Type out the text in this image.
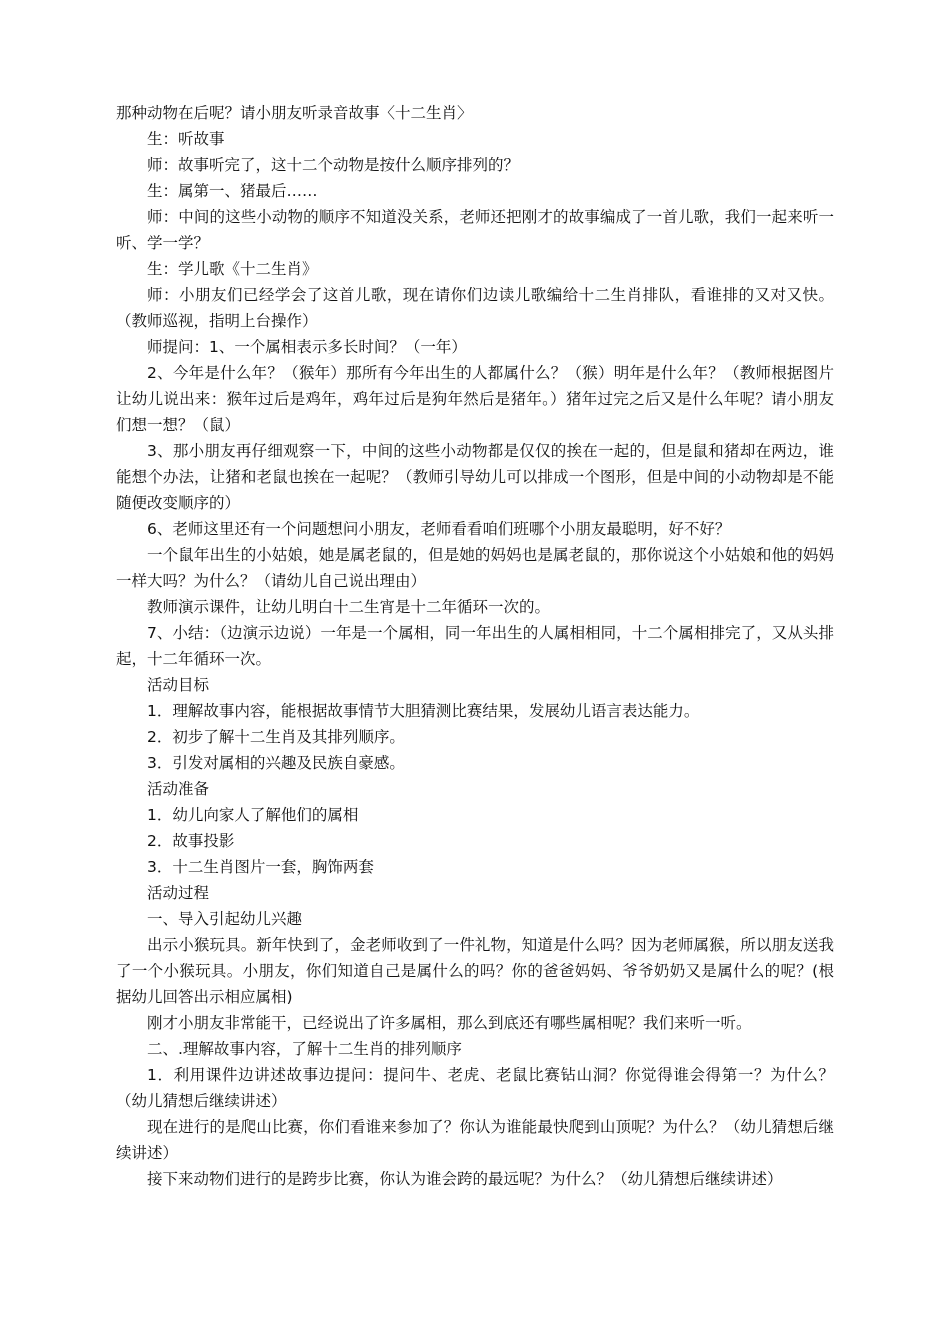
那种动物在后呢？请小朋友听录音故事〈十二生肖〉

生：听故事

师：故事听完了，这十二个动物是按什么顺序排列的？

生：属第一、猪最后……

师：中间的这些小动物的顺序不知道没关系，老师还把刚才的故事编成了一首儿歌，我们一起来听一听、学一学？

生：学儿歌《十二生肖》

师：小朋友们已经学会了这首儿歌，现在请你们边读儿歌编给十二生肖排队，看谁排的又对又快。（教师巡视，指明上台操作）

师提问：1、一个属相表示多长时间？（一年）

2、今年是什么年？（猴年）那所有今年出生的人都属什么？（猴）明年是什么年？（教师根据图片让幼儿说出来：猴年过后是鸡年，鸡年过后是狗年然后是猪年。）猪年过完之后又是什么年呢？请小朋友们想一想？（鼠）

3、那小朋友再仔细观察一下，中间的这些小动物都是仅仅的挨在一起的，但是鼠和猪却在两边，谁能想个办法，让猪和老鼠也挨在一起呢？（教师引导幼儿可以排成一个图形，但是中间的小动物却是不能随便改变顺序的）

6、老师这里还有一个问题想问小朋友，老师看看咱们班哪个小朋友最聪明，好不好？

一个鼠年出生的小姑娘，她是属老鼠的，但是她的妈妈也是属老鼠的，那你说这个小姑娘和他的妈妈一样大吗？为什么？（请幼儿自己说出理由）

教师演示课件，让幼儿明白十二生宵是十二年循环一次的。

7、小结：（边演示边说）一年是一个属相，同一年出生的人属相相同，十二个属相排完了，又从头排起，十二年循环一次。

活动目标

1．理解故事内容，能根据故事情节大胆猜测比赛结果，发展幼儿语言表达能力。

2．初步了解十二生肖及其排列顺序。

3．引发对属相的兴趣及民族自豪感。

活动准备

1．幼儿向家人了解他们的属相

2．故事投影

3．十二生肖图片一套，胸饰两套

活动过程

一、导入引起幼儿兴趣

出示小猴玩具。新年快到了，金老师收到了一件礼物，知道是什么吗？因为老师属猴，所以朋友送我了一个小猴玩具。小朋友，你们知道自己是属什么的吗？你的爸爸妈妈、爷爷奶奶又是属什么的呢？(根据幼儿回答出示相应属相)

刚才小朋友非常能干，已经说出了许多属相，那么到底还有哪些属相呢？我们来听一听。

二、.理解故事内容，了解十二生肖的排列顺序

1．利用课件边讲述故事边提问：提问牛、老虎、老鼠比赛钻山洞？你觉得谁会得第一？为什么？（幼儿猜想后继续讲述）

现在进行的是爬山比赛，你们看谁来参加了？你认为谁能最快爬到山顶呢？为什么？（幼儿猜想后继续讲述）

接下来动物们进行的是跨步比赛，你认为谁会跨的最远呢？为什么？（幼儿猜想后继续讲述）
